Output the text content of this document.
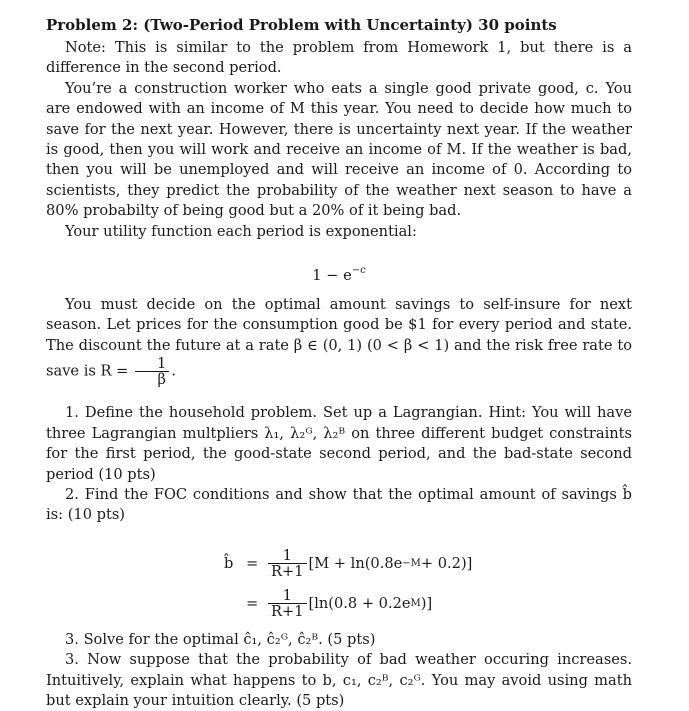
Problem 2: (Two-Period Problem with Uncertainty) 30 points

Note: This is similar to the problem from Homework 1, but there is a difference in the second period.

You’re a construction worker who eats a single good private good, c. You are endowed with an income of M this year. You need to decide how much to save for the next year. However, there is uncertainty next year. If the weather is good, then you will work and receive an income of M. If the weather is bad, then you will be unemployed and will receive an income of 0. According to scientists, they predict the probability of the weather next season to have a 80% probabilty of being good but a 20% of it being bad.

Your utility function each period is exponential:

$1 - e^{-c}$

You must decide on the optimal amount savings to self-insure for next season. Let prices for the consumption good be $1 for every period and state. The discount the future at a rate β ∈ (0, 1) (0 < β < 1) and the risk free rate to save is $R = \frac{1}{\beta}$ .

1. Define the household problem. Set up a Lagrangian. Hint: You will have three Lagrangian multpliers λ₁, λ₂ᴳ, λ₂ᴮ on three different budget constraints for the first period, the good-state second period, and the bad-state second period (10 pts)

2. Find the FOC conditions and show that the optimal amount of savings b̂ is: (10 pts)

b̂ = $\frac{1}{R+1} [M + \ln(0.8e -M + 0.2)]$
= $\frac{1}{R+1} [\ln(0.8 + 0.2e$ M )]

3. Solve for the optimal ĉ₁, ĉ₂ᴳ, ĉ₂ᴮ. (5 pts)

3. Now suppose that the probability of bad weather occuring increases. Intuitively, explain what happens to b, c₁, c₂ᴮ, c₂ᴳ. You may avoid using math but explain your intuition clearly. (5 pts)
